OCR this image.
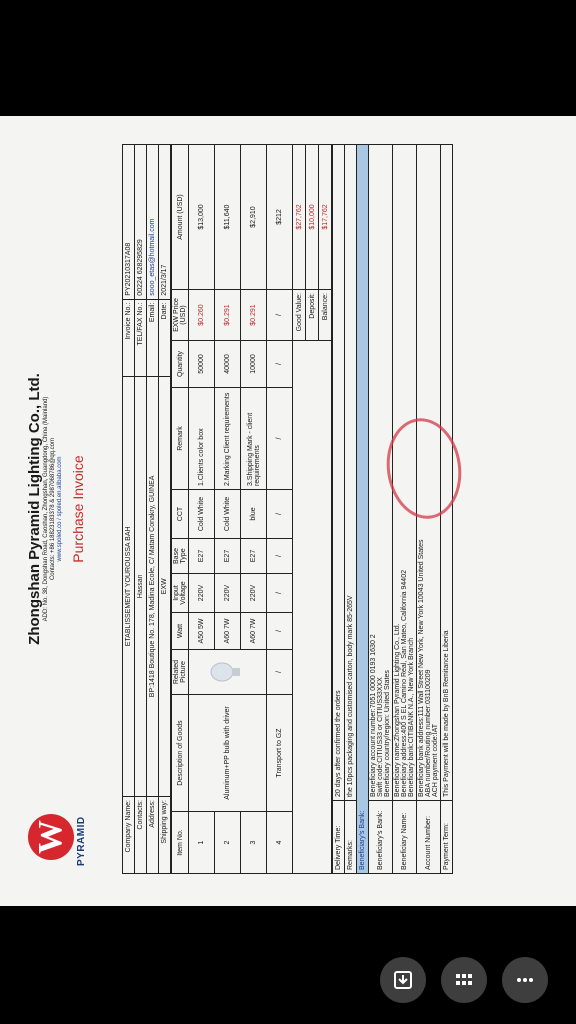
W PYRAMID
Zhongshan Pyramid Lighting Co., Ltd. ADD: No. 38, Dongshan Road, Caoshan, Zhongshan, Guangdong, China (Mainland) Contacts: +86 18823183378 & 2987068786@qq.com www.spoled.co / spoled.en.alibaba.com Purchase Invoice
Company Name:	ETABLISSEMENT YOUROUSSA BAH	Invoice No.:	PY20210317A08
Contacts:	Hassan	TEL/FAX No.:	00224 628295829
Address:	BP:1418 Boutique No. 178, Madina Ecole, C/ Matam Conakry, GUINEA	Email:	sooo_etas@hotmail.com
Shipping way:	EXW	Date:	2021/3/17
Item No.	Description of Goods	Related Picture	Watt	Input Voltage	Base Type	CCT	Remark	Quantity	EXW Price (USD)	Amount (USD)
1	Aluminum+PP bulb with driver		A50 5W	220V	E27	Cold White	1.Clients color box	50000	$0.260	$13,000
2			A60 7W	220V	E27	Cold White	2.Marking Client requirements	40000	$0.291	$11,640
3			A60 7W	220V	E27	blue	3.Shipping Mark - client requirements	10000	$0.291	$2,910
4	Transport to GZ	/	/	/	/	/	/	/	/	$212
									Good Value:	$27,762
									Deposit:	$10,000
									Balance:	$17,762
Delivery Time:	20 days after confirmed the orders
Remarks:	the 10pcs packaging and customised carton, body mark 85-265V
Beneficiary's Bank:	
Beneficiary's Bank:	Beneficiary account number:7051 0000 0193 1630 2 Swift code:CITIUS33 or CITIUS33XXX Beneficiary country/region: United States

Beneficiary Name:	Beneficiary name:Zhongshan Pyramid Lighting Co., Ltd. Beneficiary address:400 S EL Camino Real, San Mateo, California 94402 Beneficiary bank:CITIBANK N.A., New York Branch

Account Number:	Beneficiary bank address:111 Wall Street New York, New York 10043 United States ABA number/Routing number:031100209 ACH payment code:IAT

Payment Term:	This Payment will be made by BnB Remitance Liberia
